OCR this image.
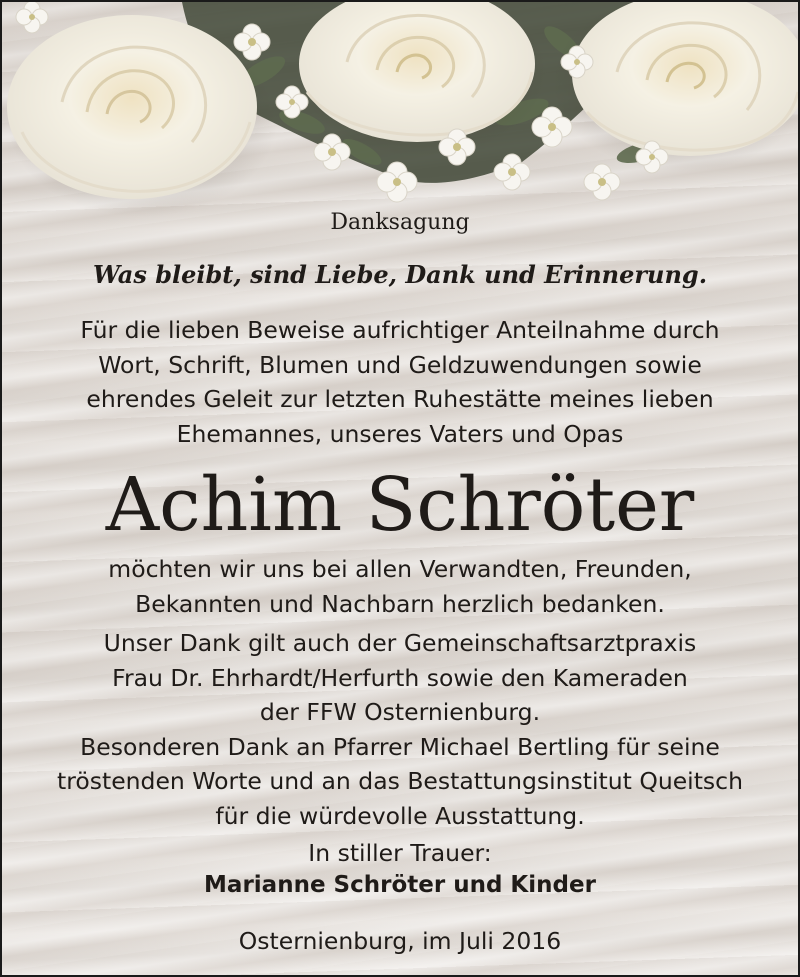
Danksagung

Was bleibt, sind Liebe, Dank und Erinnerung.

Für die lieben Beweise aufrichtiger Anteilnahme durch
Wort, Schrift, Blumen und Geldzuwendungen sowie
ehrendes Geleit zur letzten Ruhestätte meines lieben
Ehemannes, unseres Vaters und Opas

Achim Schröter

möchten wir uns bei allen Verwandten, Freunden,
Bekannten und Nachbarn herzlich bedanken.
Unser Dank gilt auch der Gemeinschaftsarztpraxis
Frau Dr. Ehrhardt/Herfurth sowie den Kameraden
der FFW Osternienburg.
Besonderen Dank an Pfarrer Michael Bertling für seine
tröstenden Worte und an das Bestattungsinstitut Queitsch
für die würdevolle Ausstattung.

In stiller Trauer:

Marianne Schröter und Kinder

Osternienburg, im Juli 2016
